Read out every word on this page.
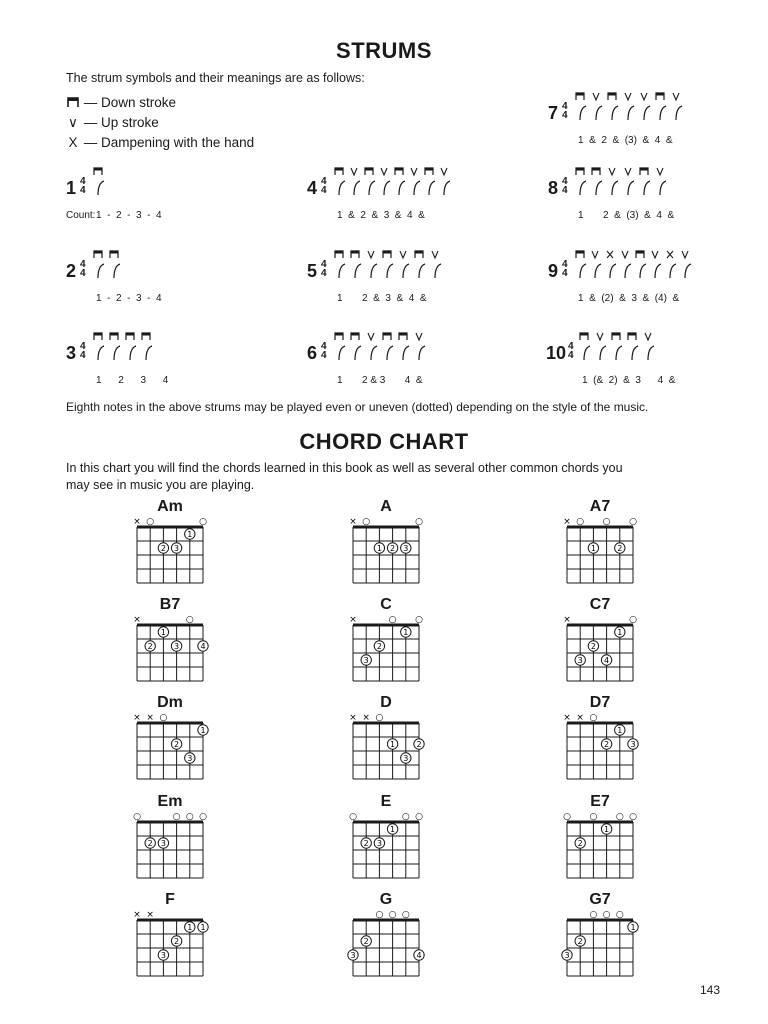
STRUMS
The strum symbols and their meanings are as follows:
— Down stroke
∨ — Up stroke
X — Dampening with the hand
1 4
4
1  -  2  -  3  -  4
2 4
4
1  -  2  -  3  -  4
3 4
4
1      2      3      4
4 4
4
1  &  2  &  3  &  4  &
5 4
4
1       2  &  3  &  4  &
6 4
4
1       2 & 3       4  &
7 4
4
1  &  2  &  (3)  &  4  &
8 4
4
1       2  &  (3)  &  4  &
9 4
4
1  &  (2)  &  3  &  (4)  &
10 4
4
1  (&  2)  &  3      4  &
Count:
Eighth notes in the above strums may be played even or uneven (dotted) depending on the style of the music.
CHORD CHART
In this chart you will find the chords learned in this book as well as several other common chords you
may see in music you are playing.
Am
× ○	○
1
2 3
A
× ○	○
1 2 3
A7
× ○ ○ ○
1	2
B7
×	○
1
2	3	4
C
×	○ ○
1
2
3
C7
×	○
1
2
3	4
Dm
× × ○
1
2
3
D
× × ○
1	2
3
D7
× × ○
1
2	3
Em
○	○ ○ ○
2 3
E
○	○ ○
1
2 3
E7
○ ○ ○ ○
1
2
F
× ×
1 1
2
3
G
○ ○ ○
2
3	4
G7
○ ○ ○
1
2
3
143
